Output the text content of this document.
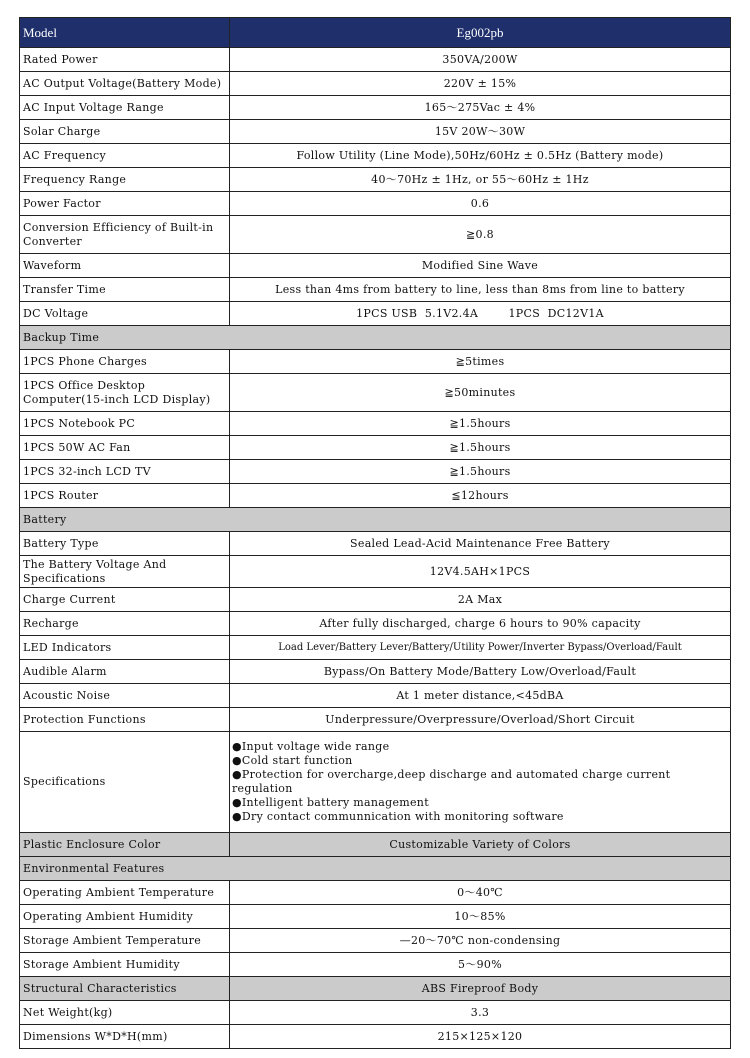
Model	Eg002pb
Rated Power	350VA/200W
AC Output Voltage(Battery Mode)	220V ± 15%
AC Input Voltage Range	165～275Vac ± 4%
Solar Charge	15V 20W～30W
AC Frequency	Follow Utility (Line Mode),50Hz/60Hz ± 0.5Hz (Battery mode)
Frequency Range	40～70Hz ± 1Hz, or 55～60Hz ± 1Hz
Power Factor	0.6
Conversion Efficiency of Built-in Converter	≧0.8
Waveform	Modified Sine Wave
Transfer Time	Less than 4ms from battery to line, less than 8ms from line to battery
DC Voltage	1PCS USB  5.1V2.4A        1PCS  DC12V1A
Backup Time	
1PCS Phone Charges	≧5times
1PCS Office Desktop Computer(15-inch LCD Display)	≧50minutes
1PCS Notebook PC	≧1.5hours
1PCS 50W AC Fan	≧1.5hours
1PCS 32-inch LCD TV	≧1.5hours
1PCS Router	≦12hours
Battery	
Battery Type	Sealed Lead-Acid Maintenance Free Battery
The Battery Voltage And Specifications	12V4.5AH×1PCS
Charge Current	2A Max
Recharge	After fully discharged, charge 6 hours to 90% capacity
LED Indicators	Load Lever/Battery Lever/Battery/Utility Power/Inverter Bypass/Overload/Fault
Audible Alarm	Bypass/On Battery Mode/Battery Low/Overload/Fault
Acoustic Noise	At 1 meter distance,<45dBA
Protection Functions	Underpressure/Overpressure/Overload/Short Circuit
Specifications	●Input voltage wide range
●Cold start function
●Protection for overcharge,deep discharge and automated charge current regulation
●Intelligent battery management
●Dry contact communnication with monitoring software

Plastic Enclosure Color	Customizable Variety of Colors
Environmental Features	
Operating Ambient Temperature	0～40℃
Operating Ambient Humidity	10～85%
Storage Ambient Temperature	—20～70℃ non-condensing
Storage Ambient Humidity	5～90%
Structural Characteristics	ABS Fireproof Body
Net Weight(kg)	3.3
Dimensions W*D*H(mm)	215×125×120
